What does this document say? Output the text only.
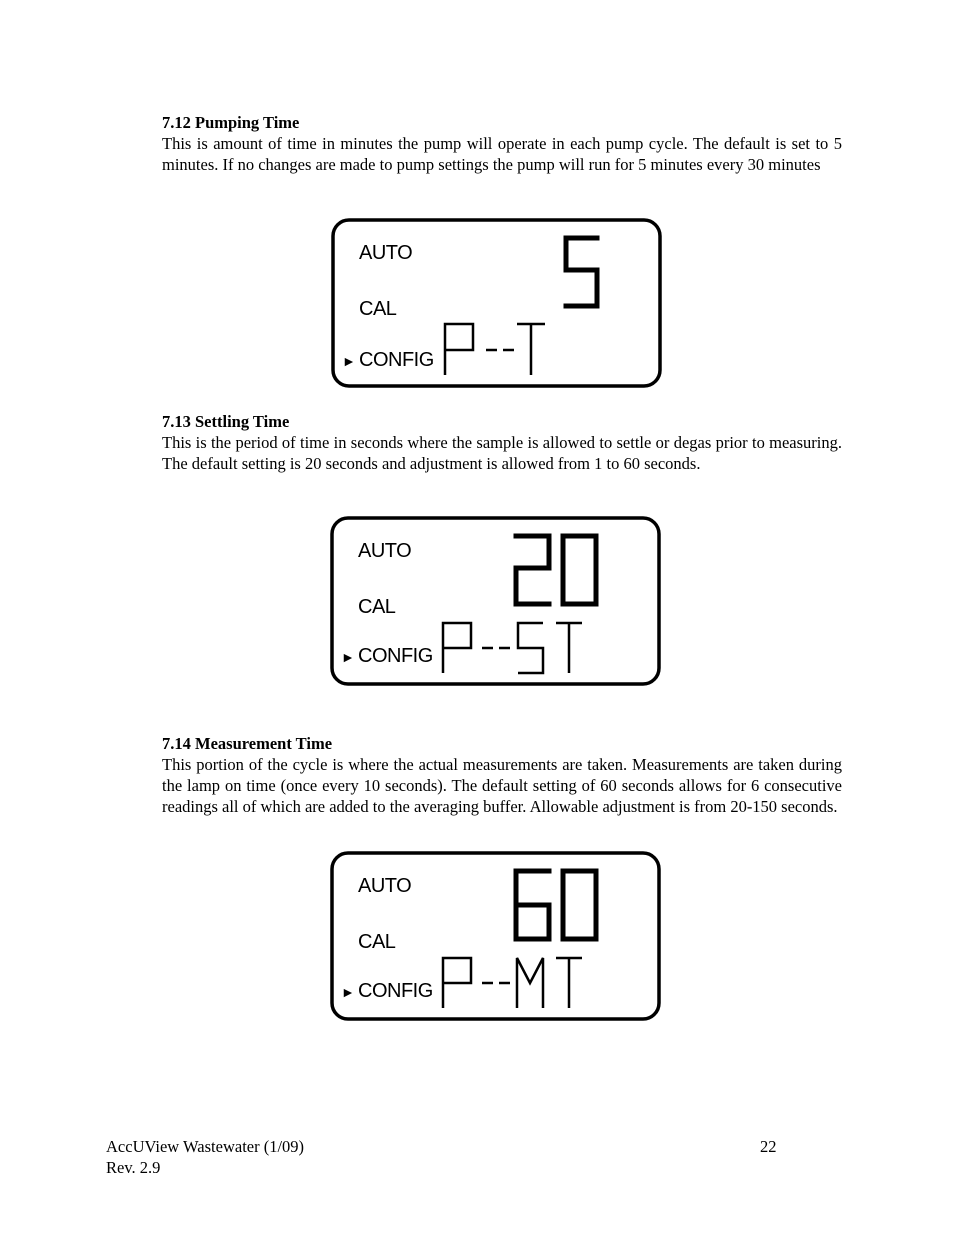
7.12 Pumping Time
This is amount of time in minutes the pump will operate in each pump cycle. The default is set to 5 minutes. If no changes are made to pump settings the pump will run for 5 minutes every 30 minutes
AUTO
CAL
► CONFIG
7.13 Settling Time
This is the period of time in seconds where the sample is allowed to settle or degas prior to measuring. The default setting is 20 seconds and adjustment is allowed from 1 to 60 seconds.
AUTO
CAL
► CONFIG
7.14 Measurement Time
This portion of the cycle is where the actual measurements are taken. Measurements are taken during the lamp on time (once every 10 seconds). The default setting of 60 seconds allows for 6 consecutive readings all of which are added to the averaging buffer. Allowable adjustment is from 20-150 seconds.
AUTO
CAL
► CONFIG
AccUView Wastewater (1/09)
Rev. 2.9
22
